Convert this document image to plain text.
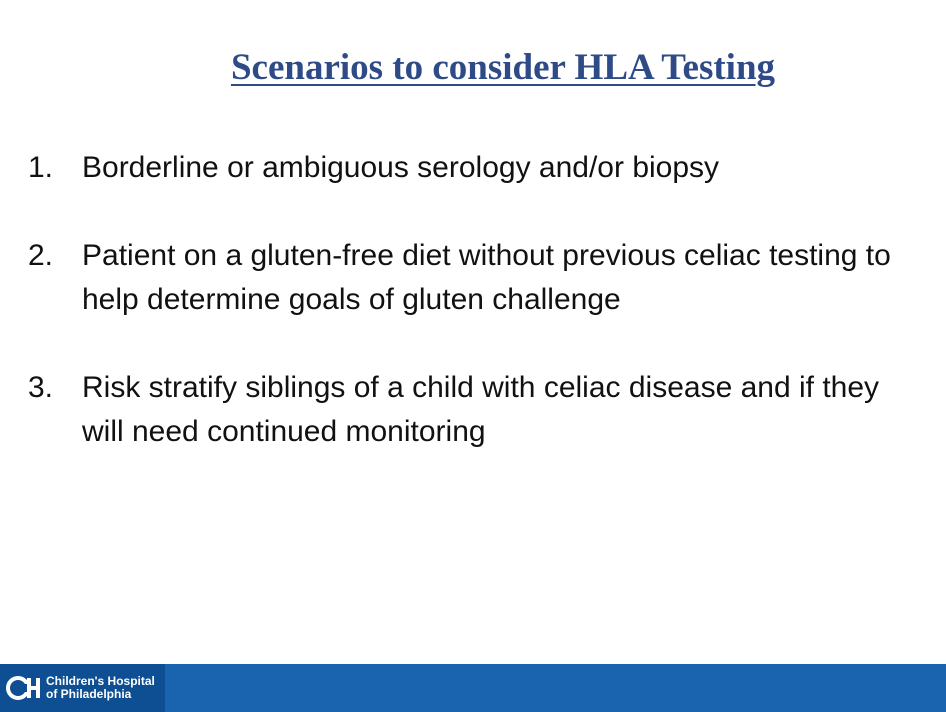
Scenarios to consider HLA Testing
1. Borderline or ambiguous serology and/or biopsy
2. Patient on a gluten-free diet without previous celiac testing to help determine goals of gluten challenge
3. Risk stratify siblings of a child with celiac disease and if they will need continued monitoring
Children's Hospital
of Philadelphia
